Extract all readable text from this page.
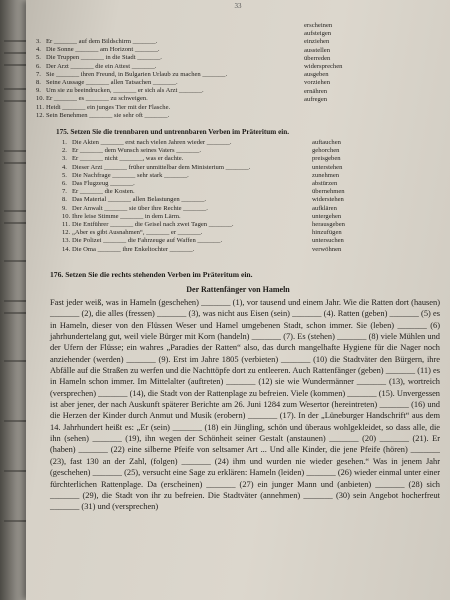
33
3. Er _______ auf dem Bildschirm _______.
4. Die Sonne _______ am Horizont _______.
5. Die Truppen _______ in die Stadt _______.
6. Der Arzt _______ die ein Attest _______.
7. Sie _______ ihren Freund, in Bulgarien Urlaub zu machen _______.
8. Seine Aussage _______ allen Tatsachen _______.
9. Um sie zu beeindrucken, _______ er sich als Arzt _______.
10. Er _______ es _______ zu schweigen.
11. Heidi _______ ein junges Tier mit der Flasche.
12. Sein Benehmen _______ sie sehr oft _______.
erscheinen
aufsteigen
einziehen
ausstellen
überreden
widersprechen
ausgeben
vorziehen
ernähren
aufregen
175. Setzen Sie die trennbaren und untrennbaren Verben im Präteritum ein.
1. Die Akten _______ erst nach vielen Jahren wieder _______.
2. Er _______ dem Wunsch seines Vaters _______.
3. Er _______ nicht _______, was er dachte.
4. Dieser Arzt _______ früher unmittelbar dem Ministerium _______.
5. Die Nachfrage _______ sehr stark _______.
6. Das Flugzeug _______.
7. Er _______ die Kosten.
8. Das Material _______ allen Belastungen _______.
9. Der Anwalt _______ sie über ihre Rechte _______.
10. Ihre leise Stimme _______ in dem Lärm.
11. Die Entführer _______ die Geisel nach zwei Tagen _______.
12. „Aber es gibt Ausnahmen“, _______ er _______.
13. Die Polizei _______ die Fahrzeuge auf Waffen _______.
14. Die Oma _______ ihre Enkeltochter _______.
auftauchen
gehorchen
preisgeben
unterstehen
zunehmen
abstürzen
übernehmen
widerstehen
aufklären
untergehen
herausgeben
hinzufügen
untersuchen
verwöhnen
176. Setzen Sie die rechts stehenden Verben im Präteritum ein.
Der Rattenfänger von Hameln

Fast jeder weiß, was in Hameln (geschehen) _______ (1), vor tausend und einem Jahr. Wie die Ratten dort (hausen) _______ (2), die alles (fressen) _______ (3), was nicht aus Eisen (sein) _______ (4). Ratten (geben) _______ (5) es in Hameln, dieser von den Flüssen Weser und Hamel umgebenen Stadt, schon immer. Sie (leben) _______ (6) jahrhundertelang gut, weil viele Bürger mit Korn (handeln) _______ (7). Es (stehen) _______ (8) viele Mühlen und der Ufern der Flüsse; ein wahres „Paradies der Ratten“ also, das durch mangelhafte Hygiene für die Nager noch anziehender (werden) _______ (9). Erst im Jahre 1805 (verbieten) _______ (10) die Stadtväter den Bürgern, ihre Abfälle auf die Straßen zu werfen und die Nachttöpfe dort zu entleeren. Auch Rattenfänger (geben) _______ (11) es in Hameln schon immer. Im Mittelalter (auftreten) _______ (12) sie wie Wundermänner _______ (13), wortreich (versprechen) _______ (14), die Stadt von der Rattenplage zu befreien. Viele (kommen) _______ (15). Unvergessen ist aber jener, der nach Auskunft späterer Berichte am 26. Juni 1284 zum Wesertor (hereintreten) _______ (16) und die Herzen der Kinder durch Anmut und Musik (erobern) _______ (17). In der „Lüneburger Handschrift“ aus dem 14. Jahrhundert heißt es: „Er (sein) _______ (18) ein Jüngling, schön und überaus wohlgekleidet, so dass alle, die ihn (sehen) _______ (19), ihn wegen der Schönheit seiner Gestalt (anstaunen) _______ (20) _______ (21). Er (haben) _______ (22) eine silberne Pfeife von seltsamer Art ... Und alle Kinder, die jene Pfeife (hören) _______ (23), fast 130 an der Zahl, (folgen) _______ (24) ihm und wurden nie wieder gesehen.“ Was in jenem Jahr (geschehen) _______ (25), versucht eine Sage zu erklären: Hameln (leiden) _______ (26) wieder einmal unter einer fürchterlichen Rattenplage. Da (erscheinen) _______ (27) ein junger Mann und (anbieten) _______ (28) sich _______ (29), die Stadt von ihr zu befreien. Die Stadtväter (annehmen) _______ (30) sein Angebot hocherfreut _______ (31) und (versprechen)
